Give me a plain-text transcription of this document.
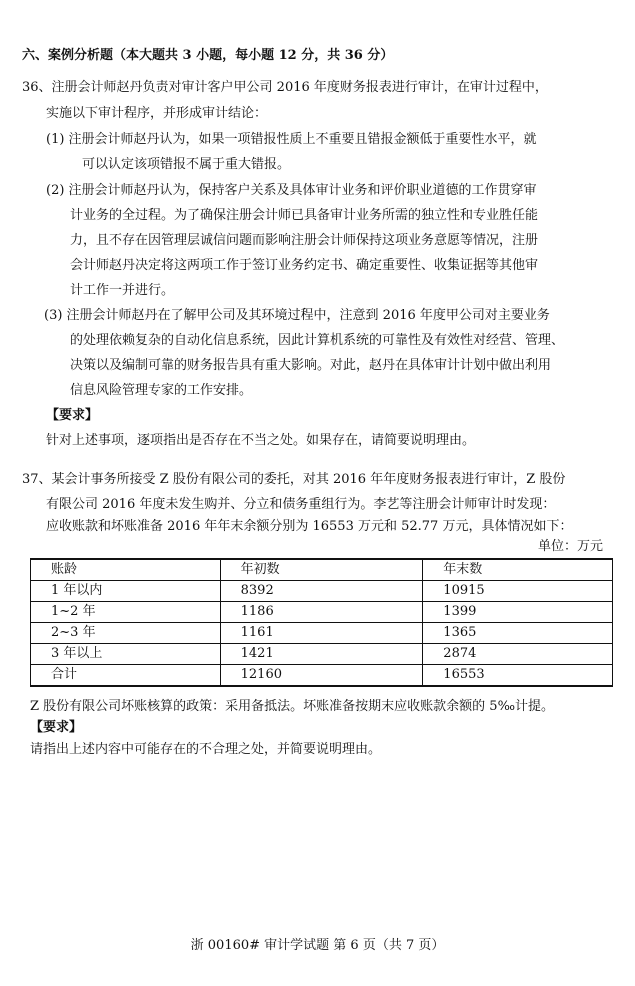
六、案例分析题（本大题共 3 小题，每小题 12 分，共 36 分）
36、注册会计师赵丹负责对审计客户甲公司 2016 年度财务报表进行审计，在审计过程中，
实施以下审计程序，并形成审计结论：
(1) 注册会计师赵丹认为，如果一项错报性质上不重要且错报金额低于重要性水平，就
可以认定该项错报不属于重大错报。
(2) 注册会计师赵丹认为，保持客户关系及具体审计业务和评价职业道德的工作贯穿审
计业务的全过程。为了确保注册会计师已具备审计业务所需的独立性和专业胜任能
力，且不存在因管理层诚信问题而影响注册会计师保持这项业务意愿等情况，注册
会计师赵丹决定将这两项工作于签订业务约定书、确定重要性、收集证据等其他审
计工作一并进行。
(3) 注册会计师赵丹在了解甲公司及其环境过程中，注意到 2016 年度甲公司对主要业务
的处理依赖复杂的自动化信息系统，因此计算机系统的可靠性及有效性对经营、管理、
决策以及编制可靠的财务报告具有重大影响。对此，赵丹在具体审计计划中做出利用
信息风险管理专家的工作安排。
【要求】
针对上述事项，逐项指出是否存在不当之处。如果存在，请简要说明理由。
37、某会计事务所接受 Z 股份有限公司的委托，对其 2016 年年度财务报表进行审计，Z 股份
有限公司 2016 年度未发生购并、分立和债务重组行为。李艺等注册会计师审计时发现：
应收账款和坏账准备 2016 年年末余额分别为 16553 万元和 52.77 万元，具体情况如下：
单位：万元
账龄	年初数	年末数
1 年以内	8392	10915
1~2 年	1186	1399
2~3 年	1161	1365
3 年以上	1421	2874
合计	12160	16553
Z 股份有限公司坏账核算的政策：采用备抵法。坏账准备按期末应收账款余额的 5‰计提。
【要求】
请指出上述内容中可能存在的不合理之处，并简要说明理由。
浙 00160# 审计学试题 第 6 页（共 7 页）
